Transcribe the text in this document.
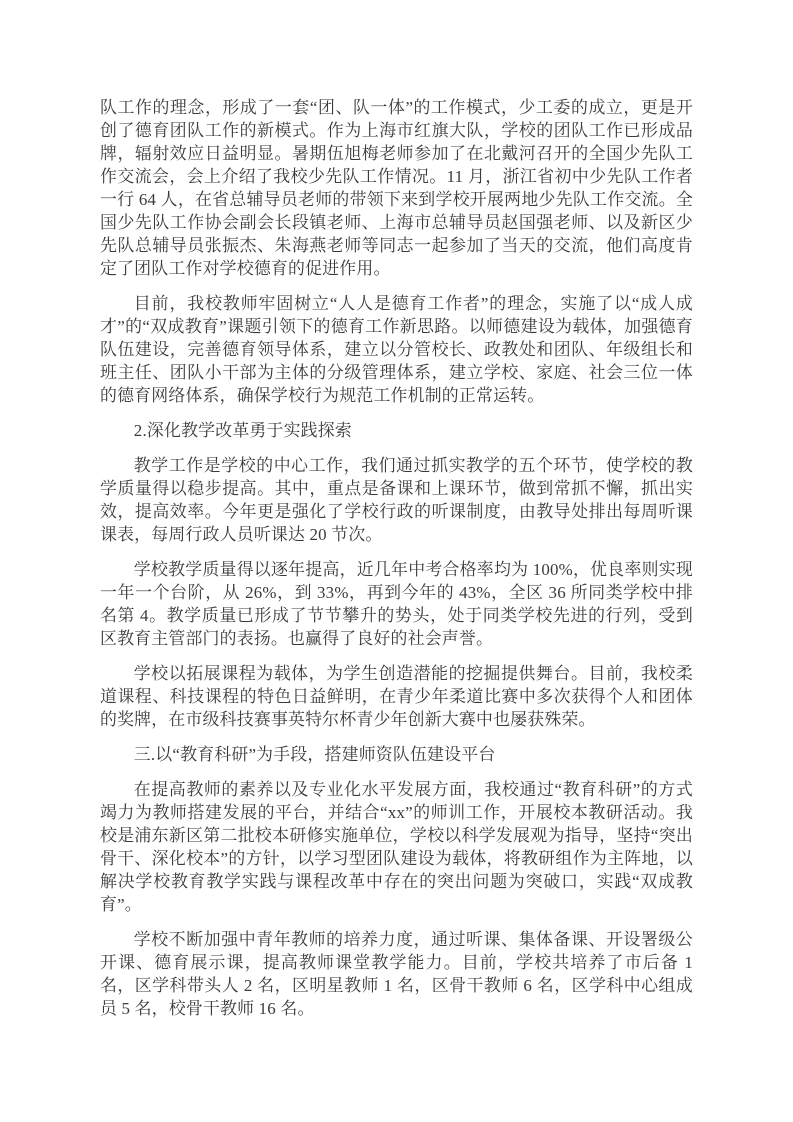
队工作的理念，形成了一套“团、队一体”的工作模式，少工委的成立，更是开创了德育团队工作的新模式。作为上海市红旗大队，学校的团队工作已形成品牌，辐射效应日益明显。暑期伍旭梅老师参加了在北戴河召开的全国少先队工作交流会，会上介绍了我校少先队工作情况。11 月，浙江省初中少先队工作者一行 64 人，在省总辅导员老师的带领下来到学校开展两地少先队工作交流。全国少先队工作协会副会长段镇老师、上海市总辅导员赵国强老师、以及新区少先队总辅导员张振杰、朱海燕老师等同志一起参加了当天的交流，他们高度肯定了团队工作对学校德育的促进作用。

目前，我校教师牢固树立“人人是德育工作者”的理念，实施了以“成人成才”的“双成教育”课题引领下的德育工作新思路。以师德建设为载体，加强德育队伍建设，完善德育领导体系，建立以分管校长、政教处和团队、年级组长和班主任、团队小干部为主体的分级管理体系，建立学校、家庭、社会三位一体的德育网络体系，确保学校行为规范工作机制的正常运转。

2.深化教学改革勇于实践探索

教学工作是学校的中心工作，我们通过抓实教学的五个环节，使学校的教学质量得以稳步提高。其中，重点是备课和上课环节，做到常抓不懈，抓出实效，提高效率。今年更是强化了学校行政的听课制度，由教导处排出每周听课课表，每周行政人员听课达 20 节次。

学校教学质量得以逐年提高，近几年中考合格率均为 100%，优良率则实现一年一个台阶，从 26%，到 33%，再到今年的 43%，全区 36 所同类学校中排名第 4。教学质量已形成了节节攀升的势头，处于同类学校先进的行列，受到区教育主管部门的表扬。也赢得了良好的社会声誉。

学校以拓展课程为载体，为学生创造潜能的挖掘提供舞台。目前，我校柔道课程、科技课程的特色日益鲜明，在青少年柔道比赛中多次获得个人和团体的奖牌，在市级科技赛事英特尔杯青少年创新大赛中也屡获殊荣。

三.以“教育科研”为手段，搭建师资队伍建设平台

在提高教师的素养以及专业化水平发展方面，我校通过“教育科研”的方式竭力为教师搭建发展的平台，并结合“xx”的师训工作，开展校本教研活动。我校是浦东新区第二批校本研修实施单位，学校以科学发展观为指导，坚持“突出骨干、深化校本”的方针，以学习型团队建设为载体，将教研组作为主阵地，以解决学校教育教学实践与课程改革中存在的突出问题为突破口，实践“双成教育”。

学校不断加强中青年教师的培养力度，通过听课、集体备课、开设署级公开课、德育展示课，提高教师课堂教学能力。目前，学校共培养了市后备 1 名，区学科带头人 2 名，区明星教师 1 名，区骨干教师 6 名，区学科中心组成员 5 名，校骨干教师 16 名。
